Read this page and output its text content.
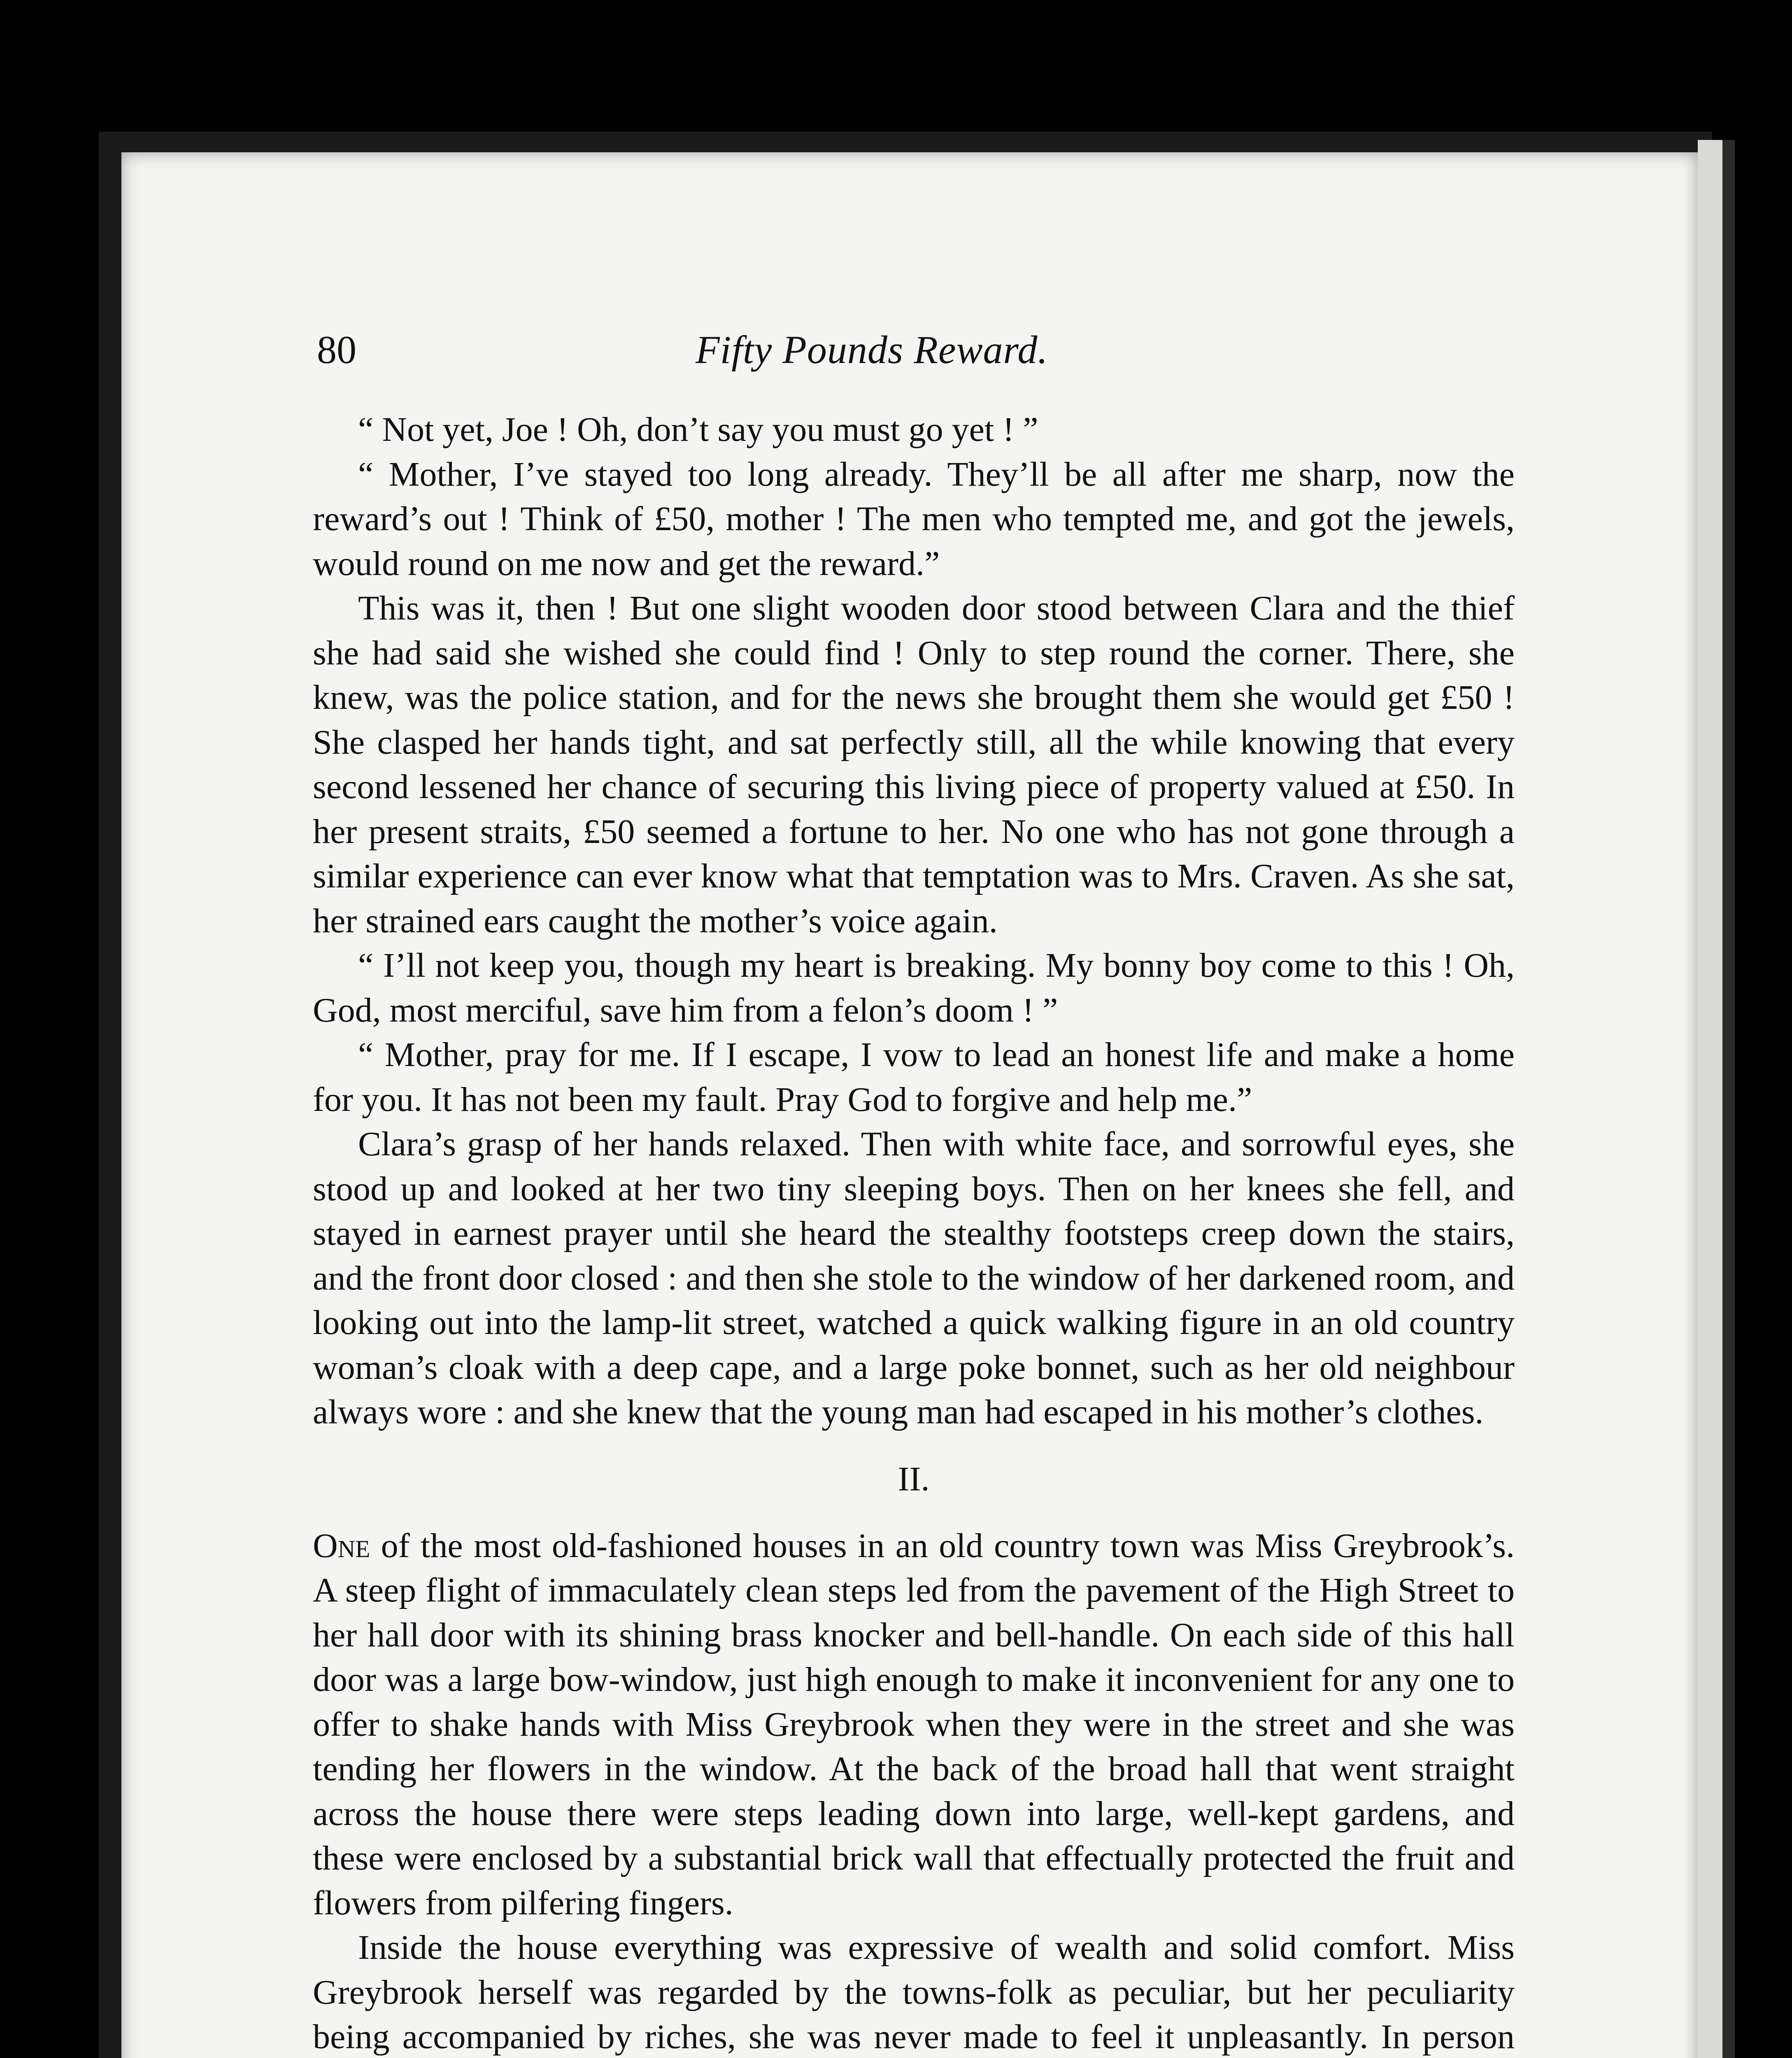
80	Fifty Pounds Reward.

“ Not yet, Joe ! Oh, don’t say you must go yet ! ”

“ Mother, I’ve stayed too long already. They’ll be all after me sharp, now the reward’s out ! Think of £50, mother ! The men who tempted me, and got the jewels, would round on me now and get the reward.”

This was it, then ! But one slight wooden door stood between Clara and the thief she had said she wished she could find ! Only to step round the corner. There, she knew, was the police station, and for the news she brought them she would get £50 ! She clasped her hands tight, and sat perfectly still, all the while knowing that every second lessened her chance of securing this living piece of property valued at £50. In her present straits, £50 seemed a fortune to her. No one who has not gone through a similar experience can ever know what that temptation was to Mrs. Craven. As she sat, her strained ears caught the mother’s voice again.

“ I’ll not keep you, though my heart is breaking. My bonny boy come to this ! Oh, God, most merciful, save him from a felon’s doom ! ”

“ Mother, pray for me. If I escape, I vow to lead an honest life and make a home for you. It has not been my fault. Pray God to forgive and help me.”

Clara’s grasp of her hands relaxed. Then with white face, and sorrowful eyes, she stood up and looked at her two tiny sleeping boys. Then on her knees she fell, and stayed in earnest prayer until she heard the stealthy footsteps creep down the stairs, and the front door closed : and then she stole to the window of her darkened room, and looking out into the lamp-lit street, watched a quick walking figure in an old country woman’s cloak with a deep cape, and a large poke bonnet, such as her old neighbour always wore : and she knew that the young man had escaped in his mother’s clothes.

II.

One of the most old-fashioned houses in an old country town was Miss Greybrook’s. A steep flight of immaculately clean steps led from the pavement of the High Street to her hall door with its shining brass knocker and bell-handle. On each side of this hall door was a large bow-window, just high enough to make it inconvenient for any one to offer to shake hands with Miss Greybrook when they were in the street and she was tending her flowers in the window. At the back of the broad hall that went straight across the house there were steps leading down into large, well-kept gardens, and these were enclosed by a substantial brick wall that effectually protected the fruit and flowers from pilfering fingers.

Inside the house everything was expressive of wealth and solid comfort. Miss Greybrook herself was regarded by the towns-folk as peculiar, but her peculiarity being accompanied by riches, she was never made to feel it unpleasantly. In person
